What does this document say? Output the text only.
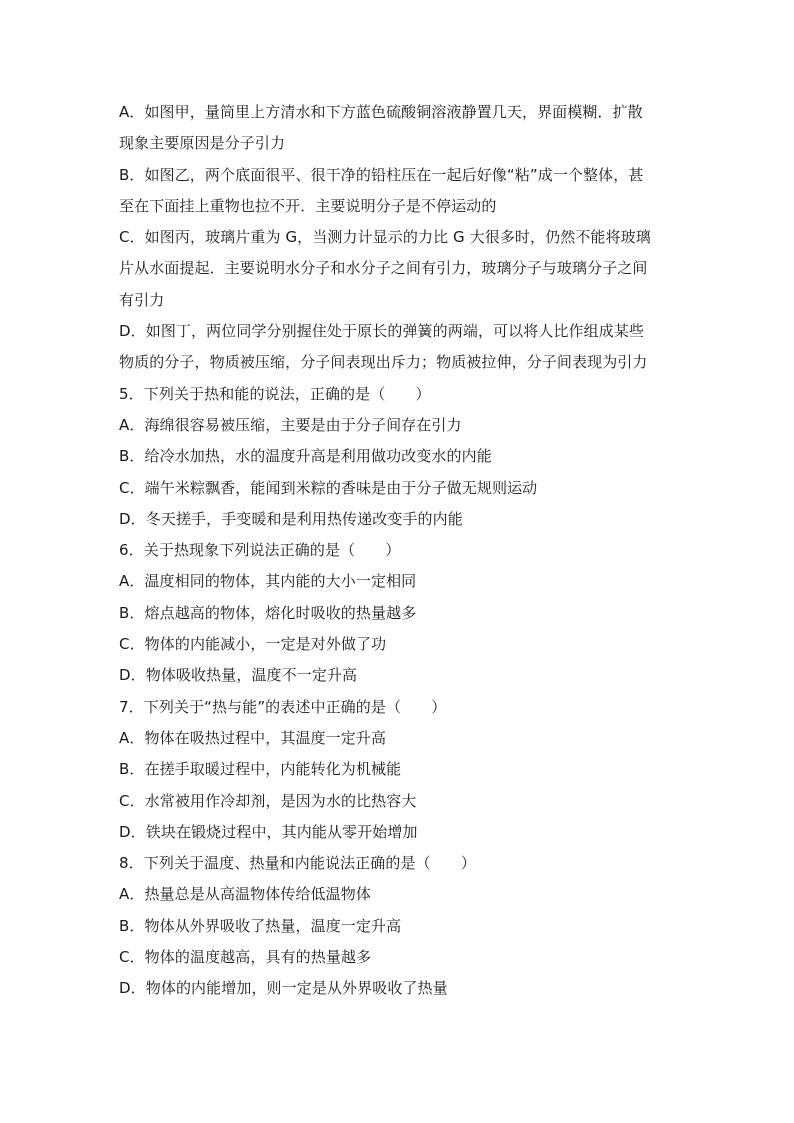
A．如图甲，量筒里上方清水和下方蓝色硫酸铜溶液静置几天，界面模糊．扩散
现象主要原因是分子引力
B．如图乙，两个底面很平、很干净的铅柱压在一起后好像“粘”成一个整体，甚
至在下面挂上重物也拉不开．主要说明分子是不停运动的
C．如图丙，玻璃片重为 G，当测力计显示的力比 G 大很多时，仍然不能将玻璃
片从水面提起．主要说明水分子和水分子之间有引力，玻璃分子与玻璃分子之间
有引力
D．如图丁，两位同学分别握住处于原长的弹簧的两端，可以将人比作组成某些
物质的分子，物质被压缩，分子间表现出斥力；物质被拉伸，分子间表现为引力
5．下列关于热和能的说法，正确的是（　　）
A．海绵很容易被压缩，主要是由于分子间存在引力
B．给冷水加热，水的温度升高是利用做功改变水的内能
C．端午米粽飘香，能闻到米粽的香味是由于分子做无规则运动
D．冬天搓手，手变暖和是利用热传递改变手的内能
6．关于热现象下列说法正确的是（　　）
A．温度相同的物体，其内能的大小一定相同
B．熔点越高的物体，熔化时吸收的热量越多
C．物体的内能减小，一定是对外做了功
D．物体吸收热量，温度不一定升高
7．下列关于“热与能”的表述中正确的是（　　）
A．物体在吸热过程中，其温度一定升高
B．在搓手取暖过程中，内能转化为机械能
C．水常被用作冷却剂，是因为水的比热容大
D．铁块在锻烧过程中，其内能从零开始增加
8．下列关于温度、热量和内能说法正确的是（　　）
A．热量总是从高温物体传给低温物体
B．物体从外界吸收了热量，温度一定升高
C．物体的温度越高，具有的热量越多
D．物体的内能增加，则一定是从外界吸收了热量
